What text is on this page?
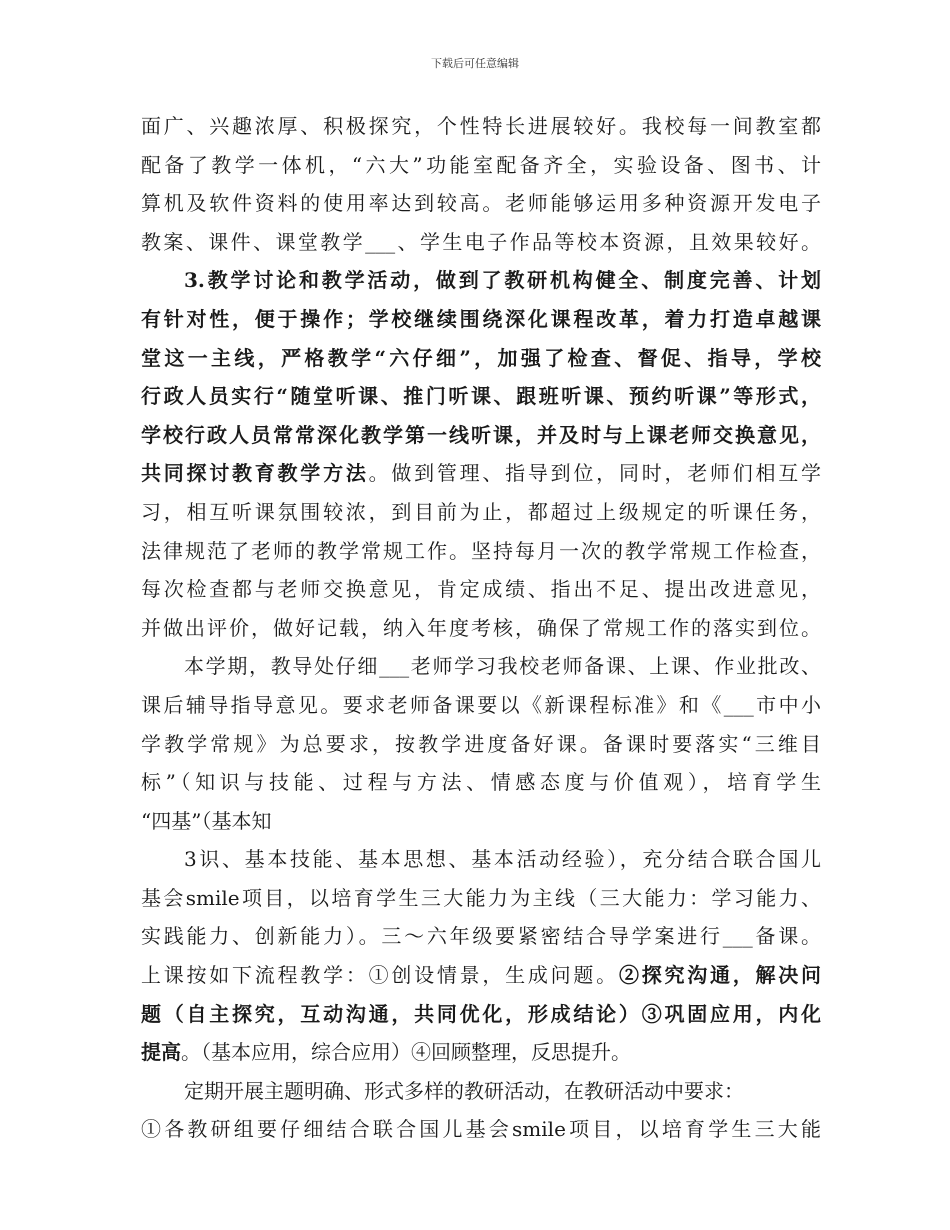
下载后可任意编辑

面广、兴趣浓厚、积极探究，个性特长进展较好。我校每一间教室都
配备了教学一体机，“六大”功能室配备齐全，实验设备、图书、计
算机及软件资料的使用率达到较高。老师能够运用多种资源开发电子
教案、课件、课堂教学___、学生电子作品等校本资源，且效果较好。

3.教学讨论和教学活动，做到了教研机构健全、制度完善、计划
有针对性，便于操作；学校继续围绕深化课程改革，着力打造卓越课
堂这一主线，严格教学“六仔细”，加强了检查、督促、指导，学校
行政人员实行“随堂听课、推门听课、跟班听课、预约听课”等形式，
学校行政人员常常深化教学第一线听课，并及时与上课老师交换意见，
共同探讨教育教学方法。做到管理、指导到位，同时，老师们相互学
习，相互听课氛围较浓，到目前为止，都超过上级规定的听课任务，
法律规范了老师的教学常规工作。坚持每月一次的教学常规工作检查，
每次检查都与老师交换意见，肯定成绩、指出不足、提出改进意见，
并做出评价，做好记载，纳入年度考核，确保了常规工作的落实到位。

本学期，教导处仔细___老师学习我校老师备课、上课、作业批改、
课后辅导指导意见。要求老师备课要以《新课程标准》和《___市中小
学教学常规》为总要求，按教学进度备好课。备课时要落实“三维目
标”（知识与技能、过程与方法、情感态度与价值观），培育学生
“四基”（基本知

3识、基本技能、基本思想、基本活动经验），充分结合联合国儿
基会smile项目，以培育学生三大能力为主线（三大能力：学习能力、
实践能力、创新能力）。三～六年级要紧密结合导学案进行___备课。
上课按如下流程教学：①创设情景，生成问题。②探究沟通，解决问
题（自主探究，互动沟通，共同优化，形成结论）③巩固应用，内化
提高。（基本应用，综合应用）④回顾整理，反思提升。

定期开展主题明确、形式多样的教研活动，在教研活动中要求：
①各教研组要仔细结合联合国儿基会smile项目，以培育学生三大能
